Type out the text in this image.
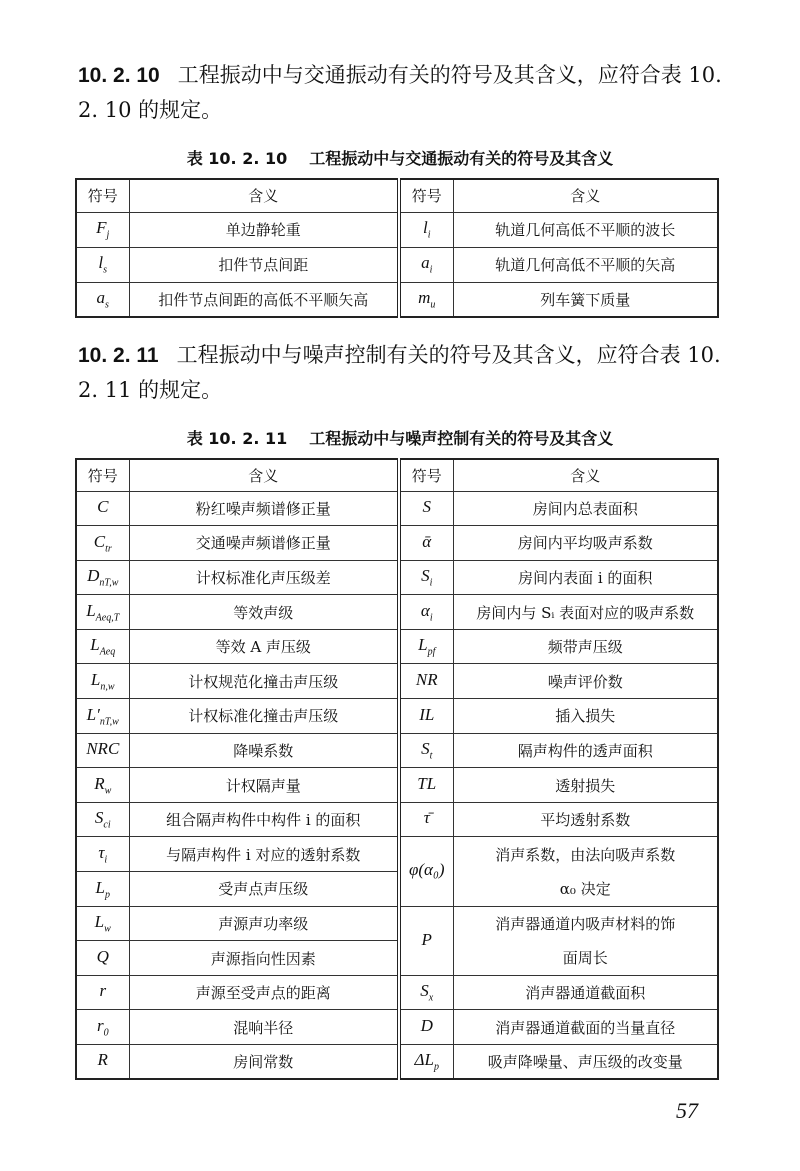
10. 2. 10 工程振动中与交通振动有关的符号及其含义，应符合表 10. 2. 10 的规定。
表 10. 2. 10 工程振动中与交通振动有关的符号及其含义
符号	含义	符号	含义
$F_j$	单边静轮重	$l_i$	轨道几何高低不平顺的波长
$l_s$	扣件节点间距	$a_i$	轨道几何高低不平顺的矢高
$a_s$	扣件节点间距的高低不平顺矢高	$m_u$	列车簧下质量
10. 2. 11 工程振动中与噪声控制有关的符号及其含义，应符合表 10. 2. 11 的规定。
表 10. 2. 11 工程振动中与噪声控制有关的符号及其含义
符号	含义	符号	含义
C	粉红噪声频谱修正量	S	房间内总表面积
$C_{tr}$	交通噪声频谱修正量	ᾱ	房间内平均吸声系数
$D_{nT,w}$	计权标准化声压级差	$S_i$	房间内表面 i 的面积
$L_{Aeq,T}$	等效声级	$\alpha_i$	房间内与 Sᵢ 表面对应的吸声系数
$L_{Aeq}$	等效 A 声压级	$L_{pf}$	频带声压级
$L_{n,w}$	计权规范化撞击声压级	NR	噪声评价数
$L'_{nT,w}$	计权标准化撞击声压级	IL	插入损失
NRC	降噪系数	$S_t$	隔声构件的透声面积
$R_w$	计权隔声量	TL	透射损失
$S_{ci}$	组合隔声构件中构件 i 的面积	τ̄	平均透射系数
$\tau_i$	与隔声构件 i 对应的透射系数	φ(α₀)	消声系数，由法向吸声系数 α₀ 决定
$L_p$	受声点声压级		
$L_w$	声源声功率级	P	消声器通道内吸声材料的饰面周长
Q	声源指向性因素		
r	声源至受声点的距离	$S_x$	消声器通道截面积
$r_0$	混响半径	D	消声器通道截面的当量直径
R	房间常数	$\Delta L_p$	吸声降噪量、声压级的改变量
57
